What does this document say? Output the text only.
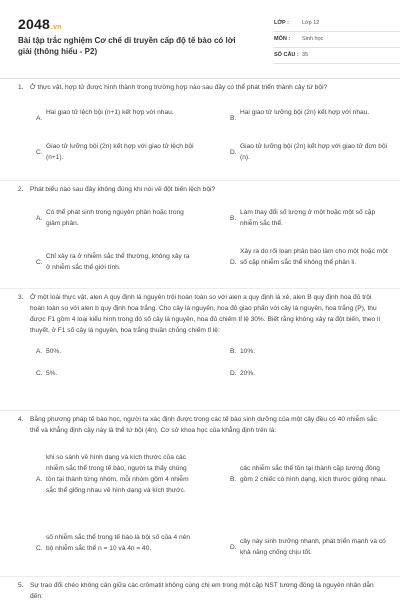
2048.vn
Bài tập trắc nghiệm Cơ chế di truyền cấp độ tế bào có lời giải (thông hiểu - P2)
LỚP : Lớp 12
MÔN : Sinh học
SỐ CÂU : 35
1. Ở thực vật, hợp tử được hình thành trong trường hợp nào sau đây có thể phát triển thành cây tứ bội?
A.
Hai giao tử lệch bội (n+1) kết hợp với nhau.
B.
Hai giao tử lưỡng bội (2n) kết hợp với nhau.
C.
Giao tử lưỡng bội (2n) kết hợp với giao tử lệch bội (n+1).
D.
Giao tử lưỡng bội (2n) kết hợp với giao tử đơn bội (n).
2. Phát biểu nào sau đây không đúng khi nói về đột biến lệch bội?
A.
Có thể phát sinh trong nguyên phân hoặc trong giảm phân.
B.
Làm thay đổi số lượng ở một hoặc một số cặp nhiễm sắc thể.
C.
Chỉ xảy ra ở nhiễm sắc thể thường, không xảy ra ở nhiễm sắc thể giới tính.
D.
Xảy ra do rối loạn phân bào làm cho một hoặc một số cặp nhiễm sắc thể không thể phân li.
3. Ở một loài thực vật, alen A quy định lá nguyên trội hoàn toàn so với alen a quy định lá xẻ, alen B quy định hoa đỏ trội hoàn toàn so với alen b quy định hoa trắng. Cho cây lá nguyên, hoa đỏ giao phấn với cây lá nguyên, hoa trắng (P), thu được F1 gồm 4 loại kiểu hình trong đó số cây lá nguyên, hoa đỏ chiếm tỉ lệ 30%. Biết rằng không xảy ra đột biến, theo lí thuyết, ở F1 số cây lá nguyên, hoa trắng thuần chủng chiếm tỉ lệ:
A. 50%.	B. 10%.
C. 5%.	D. 20%.
4. Bằng phương pháp tế bào học, người ta xác định được trong các tế bào sinh dưỡng của một cây đều có 40 nhiễm sắc thể và khẳng định cây này là thể tứ bội (4n). Cơ sở khoa học của khẳng định trên là:
A.
khi so sánh về hình dạng và kích thước của các nhiễm sắc thể trong tế bào, người ta thấy chúng tồn tại thành từng nhóm, mỗi nhóm gồm 4 nhiễm sắc thể giống nhau về hình dạng và kích thước.
B.
các nhiễm sắc thể tồn tại thành cặp tương đồng gồm 2 chiếc có hình dạng, kích thước giống nhau.
C.
số nhiễm sắc thể trong tế bào là bội số của 4 nên bộ nhiễm sắc thể n = 10 và 4n = 40.	D.
cây này sinh trưởng nhanh, phát triển mạnh và có khả năng chống chịu tốt.
5. Sự trao đổi chéo không cân giữa các crômatit không cùng chị em trong một cặp NST tương đồng là nguyên nhân dẫn đến:
